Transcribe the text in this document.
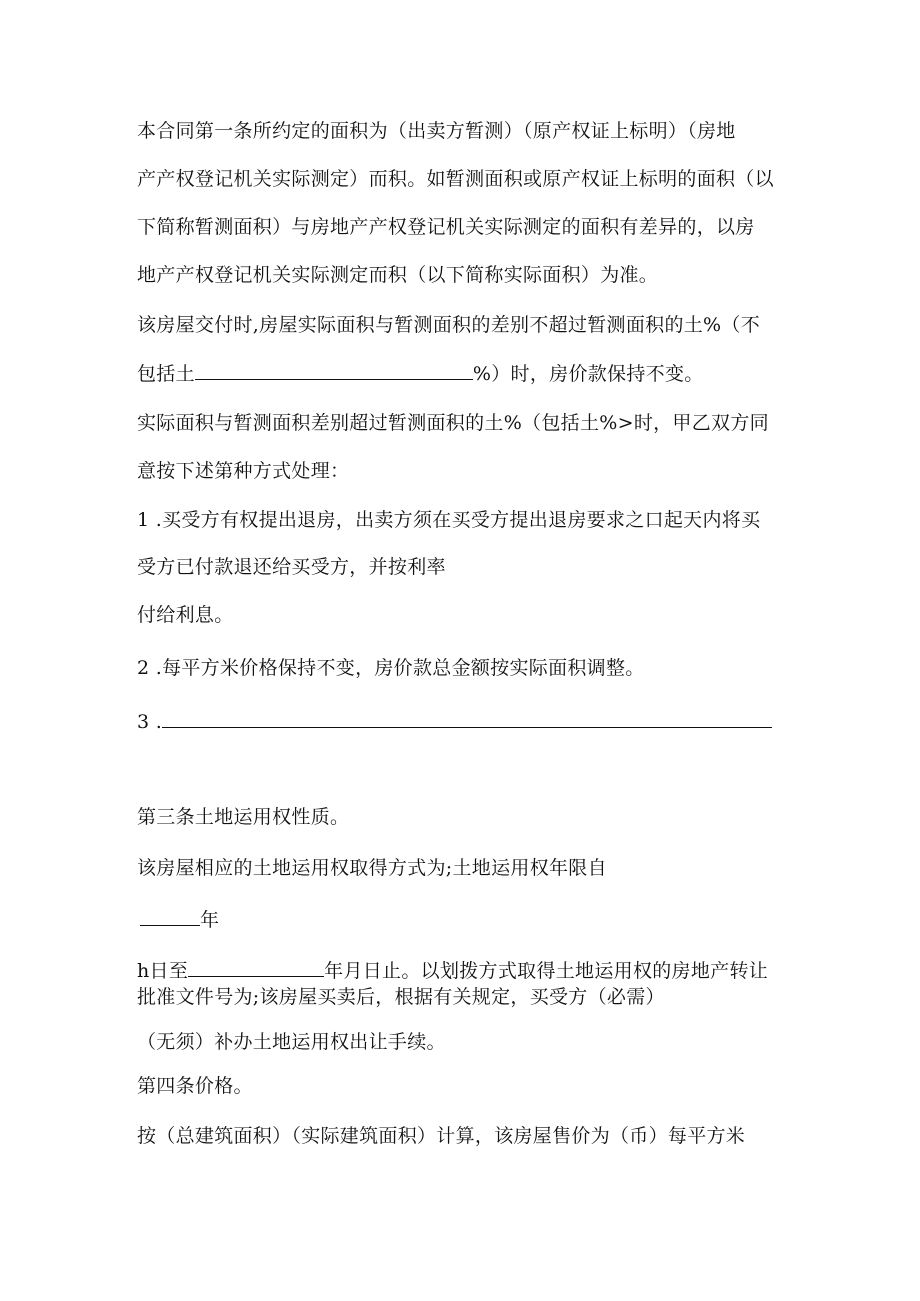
本合同第一条所约定的面积为（出卖方暂测）（原产权证上标明）（房地
产产权登记机关实际测定）而积。如暂测面积或原产权证上标明的面积（以
下简称暂测面积）与房地产产权登记机关实际测定的面积有差异的，以房
地产产权登记机关实际测定而积（以下简称实际面积）为准。
该房屋交付时,房屋实际面积与暂测面积的差别不超过暂测面积的土%（不
包括土	%）时，房价款保持不变。
实际面积与暂测面积差别超过暂测面积的土%（包括土%>时，甲乙双方同
意按下述第种方式处理：
1 .买受方有权提出退房，出卖方须在买受方提出退房要求之口起天内将买
受方已付款退还给买受方，并按利率
付给利息。
2 .每平方米价格保持不变，房价款总金额按实际面积调整。
3 .
第三条土地运用权性质。
该房屋相应的土地运用权取得方式为;土地运用权年限自
年
h日至	年月日止。以划拨方式取得土地运用权的房地产转让
批准文件号为;该房屋买卖后，根据有关规定，买受方（必需）
（无须）补办土地运用权出让手续。
第四条价格。
按（总建筑面积）（实际建筑面积）计算，该房屋售价为（币）每平方米
